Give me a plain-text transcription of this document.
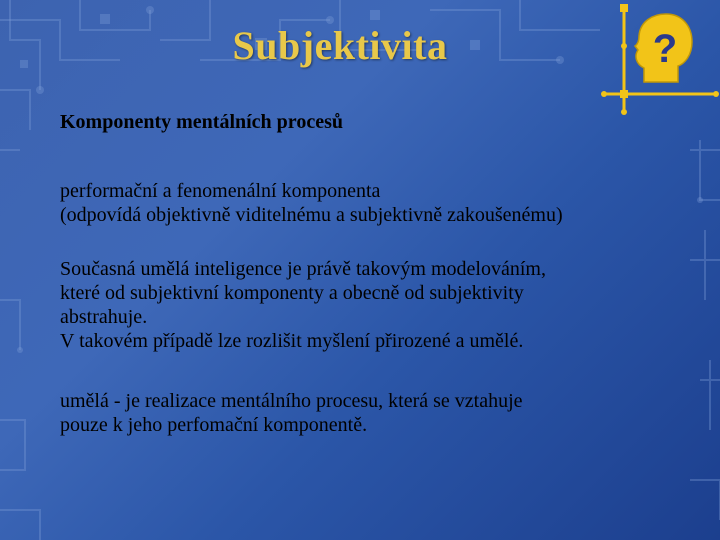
?
Subjektivita
Komponenty mentálních procesů

performační a fenomenální komponenta

(odpovídá objektivně viditelnému a subjektivně zakoušenému)

Současná umělá inteligence je právě takovým modelováním,

které od subjektivní komponenty a obecně od subjektivity

abstrahuje.

V takovém případě lze rozlišit myšlení přirozené a umělé.

umělá - je realizace mentálního procesu, která se vztahuje

pouze k jeho perfomační komponentě.
